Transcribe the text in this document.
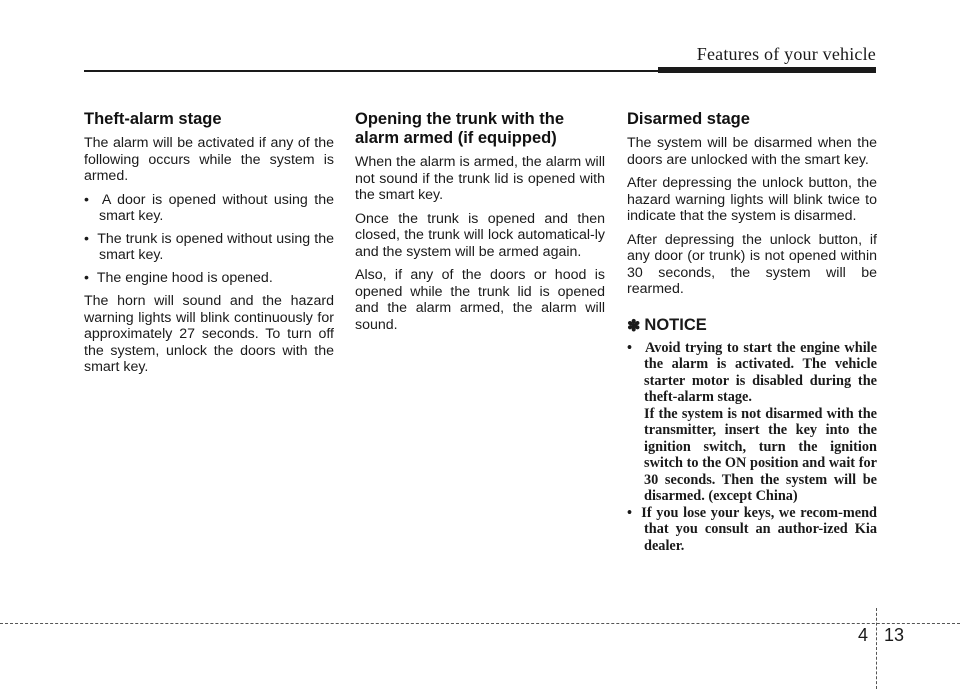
Features of your vehicle
Theft-alarm stage

The alarm will be activated if any of the following occurs while the system is armed.

•  A door is opened without using the smart key.
•  The trunk is opened without using the smart key.
•  The engine hood is opened.

The horn will sound and the hazard warning lights will blink continuously for approximately 27 seconds. To turn off the system, unlock the doors with the smart key.

Opening the trunk with the alarm armed (if equipped)

When the alarm is armed, the alarm will not sound if the trunk lid is opened with the smart key.

Once the trunk is opened and then closed, the trunk will lock automatical-ly and the system will be armed again.

Also, if any of the doors or hood is opened while the trunk lid is opened and the alarm armed, the alarm will sound.

Disarmed stage

The system will be disarmed when the doors are unlocked with the smart key.

After depressing the unlock button, the hazard warning lights will blink twice to indicate that the system is disarmed.

After depressing the unlock button, if any door (or trunk) is not opened within 30 seconds, the system will be rearmed.

✽ NOTICE
•  Avoid trying to start the engine while the alarm is activated. The vehicle starter motor is disabled during the theft-alarm stage.
If the system is not disarmed with the transmitter, insert the key into the ignition switch, turn the ignition switch to the ON position and wait for 30 seconds. Then the system will be disarmed. (except China)
•  If you lose your keys, we recom-mend that you consult an author-ized Kia dealer.
4 13
